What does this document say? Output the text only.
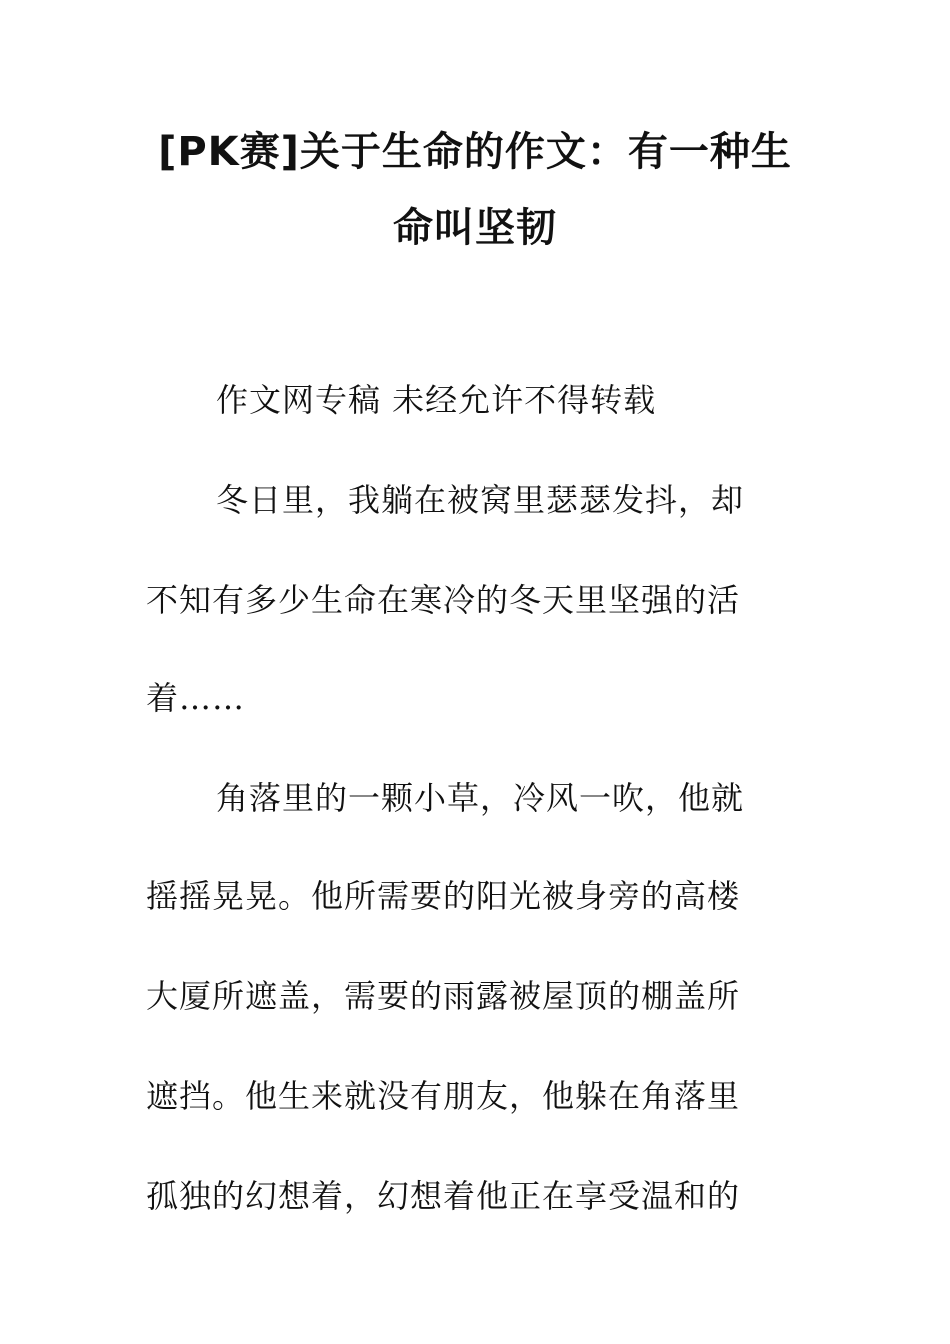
[PK赛]关于生命的作文：有一种生
命叫坚韧
作文网专稿 未经允许不得转载
冬日里，我躺在被窝里瑟瑟发抖，却
不知有多少生命在寒冷的冬天里坚强的活
着……
角落里的一颗小草，冷风一吹，他就
摇摇晃晃。他所需要的阳光被身旁的高楼
大厦所遮盖，需要的雨露被屋顶的棚盖所
遮挡。他生来就没有朋友，他躲在角落里
孤独的幻想着，幻想着他正在享受温和的
